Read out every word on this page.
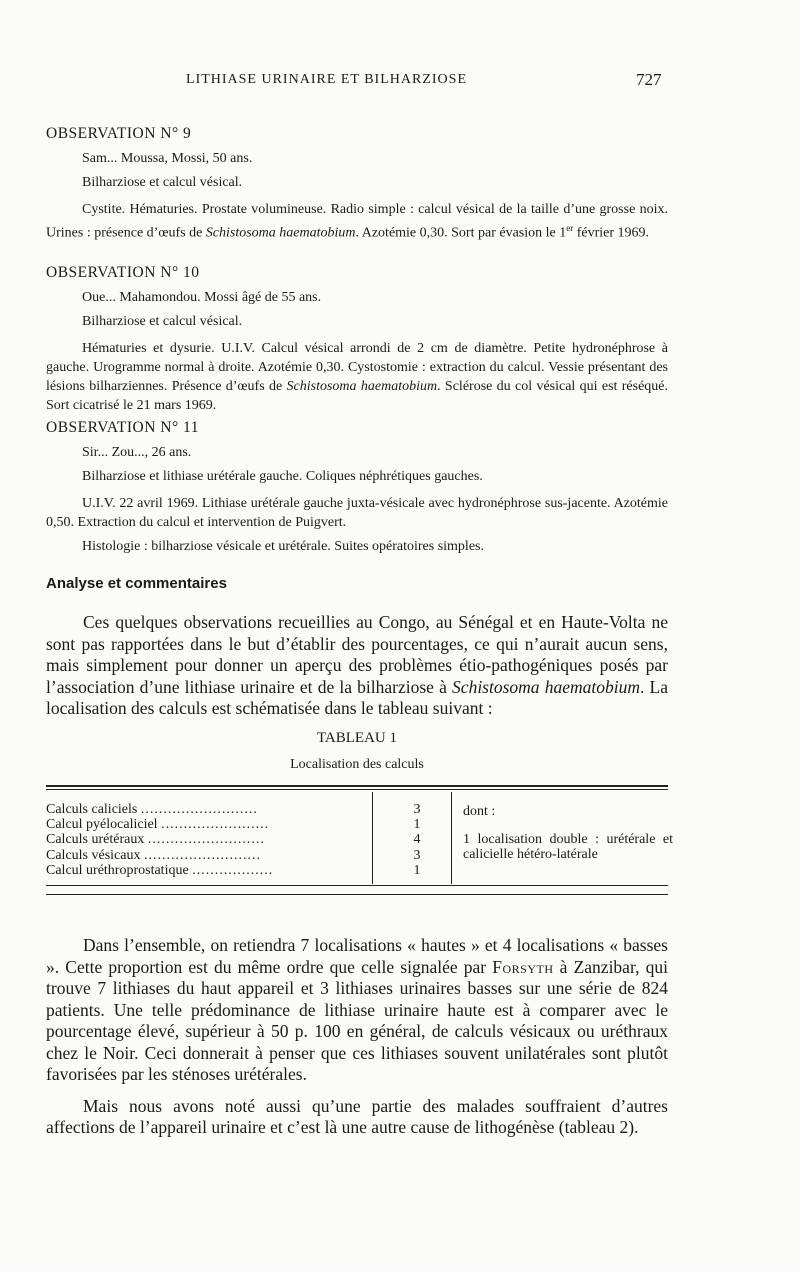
LITHIASE URINAIRE ET BILHARZIOSE	727
OBSERVATION N° 9

Sam... Moussa, Mossi, 50 ans.

Bilharziose et calcul vésical.

Cystite. Hématuries. Prostate volumineuse. Radio simple : calcul vésical de la taille d’une grosse noix. Urines : présence d’œufs de Schistosoma haematobium. Azotémie 0,30. Sort par évasion le 1er février 1969.

OBSERVATION N° 10

Oue... Mahamondou. Mossi âgé de 55 ans.

Bilharziose et calcul vésical.

Hématuries et dysurie. U.I.V. Calcul vésical arrondi de 2 cm de diamètre. Petite hydronéphrose à gauche. Urogramme normal à droite. Azotémie 0,30. Cystostomie : extraction du calcul. Vessie présentant des lésions bilharziennes. Présence d’œufs de Schistosoma haematobium. Sclérose du col vésical qui est réséqué. Sort cicatrisé le 21 mars 1969.

OBSERVATION N° 11

Sir... Zou..., 26 ans.

Bilharziose et lithiase urétérale gauche. Coliques néphrétiques gauches.

U.I.V. 22 avril 1969. Lithiase urétérale gauche juxta-vésicale avec hydronéphrose sus-jacente. Azotémie 0,50. Extraction du calcul et intervention de Puigvert.

Histologie : bilharziose vésicale et urétérale. Suites opératoires simples.

Analyse et commentaires

Ces quelques observations recueillies au Congo, au Sénégal et en Haute-Volta ne sont pas rapportées dans le but d’établir des pourcentages, ce qui n’aurait aucun sens, mais simplement pour donner un aperçu des problèmes étio-pathogéniques posés par l’association d’une lithiase urinaire et de la bilharziose à Schistosoma haematobium. La localisation des calculs est schématisée dans le tableau suivant :

TABLEAU 1
Localisation des calculs
Calculs caliciels ..........................	3
Calcul pyélocaliciel ........................	1
Calculs urétéraux ..........................	4
Calculs vésicaux ..........................	3
Calcul uréthroprostatique ..................	1
dont :
1 localisation double : urétérale et calicielle hétéro-latérale

Dans l’ensemble, on retiendra 7 localisations « hautes » et 4 localisations « basses ». Cette proportion est du même ordre que celle signalée par Forsyth à Zanzibar, qui trouve 7 lithiases du haut appareil et 3 lithiases urinaires basses sur une série de 824 patients. Une telle prédominance de lithiase urinaire haute est à comparer avec le pourcentage élevé, supérieur à 50 p. 100 en général, de calculs vésicaux ou uréthraux chez le Noir. Ceci donnerait à penser que ces lithiases souvent unilatérales sont plutôt favorisées par les sténoses urétérales.

Mais nous avons noté aussi qu’une partie des malades souffraient d’autres affections de l’appareil urinaire et c’est là une autre cause de lithogénèse (tableau 2).
